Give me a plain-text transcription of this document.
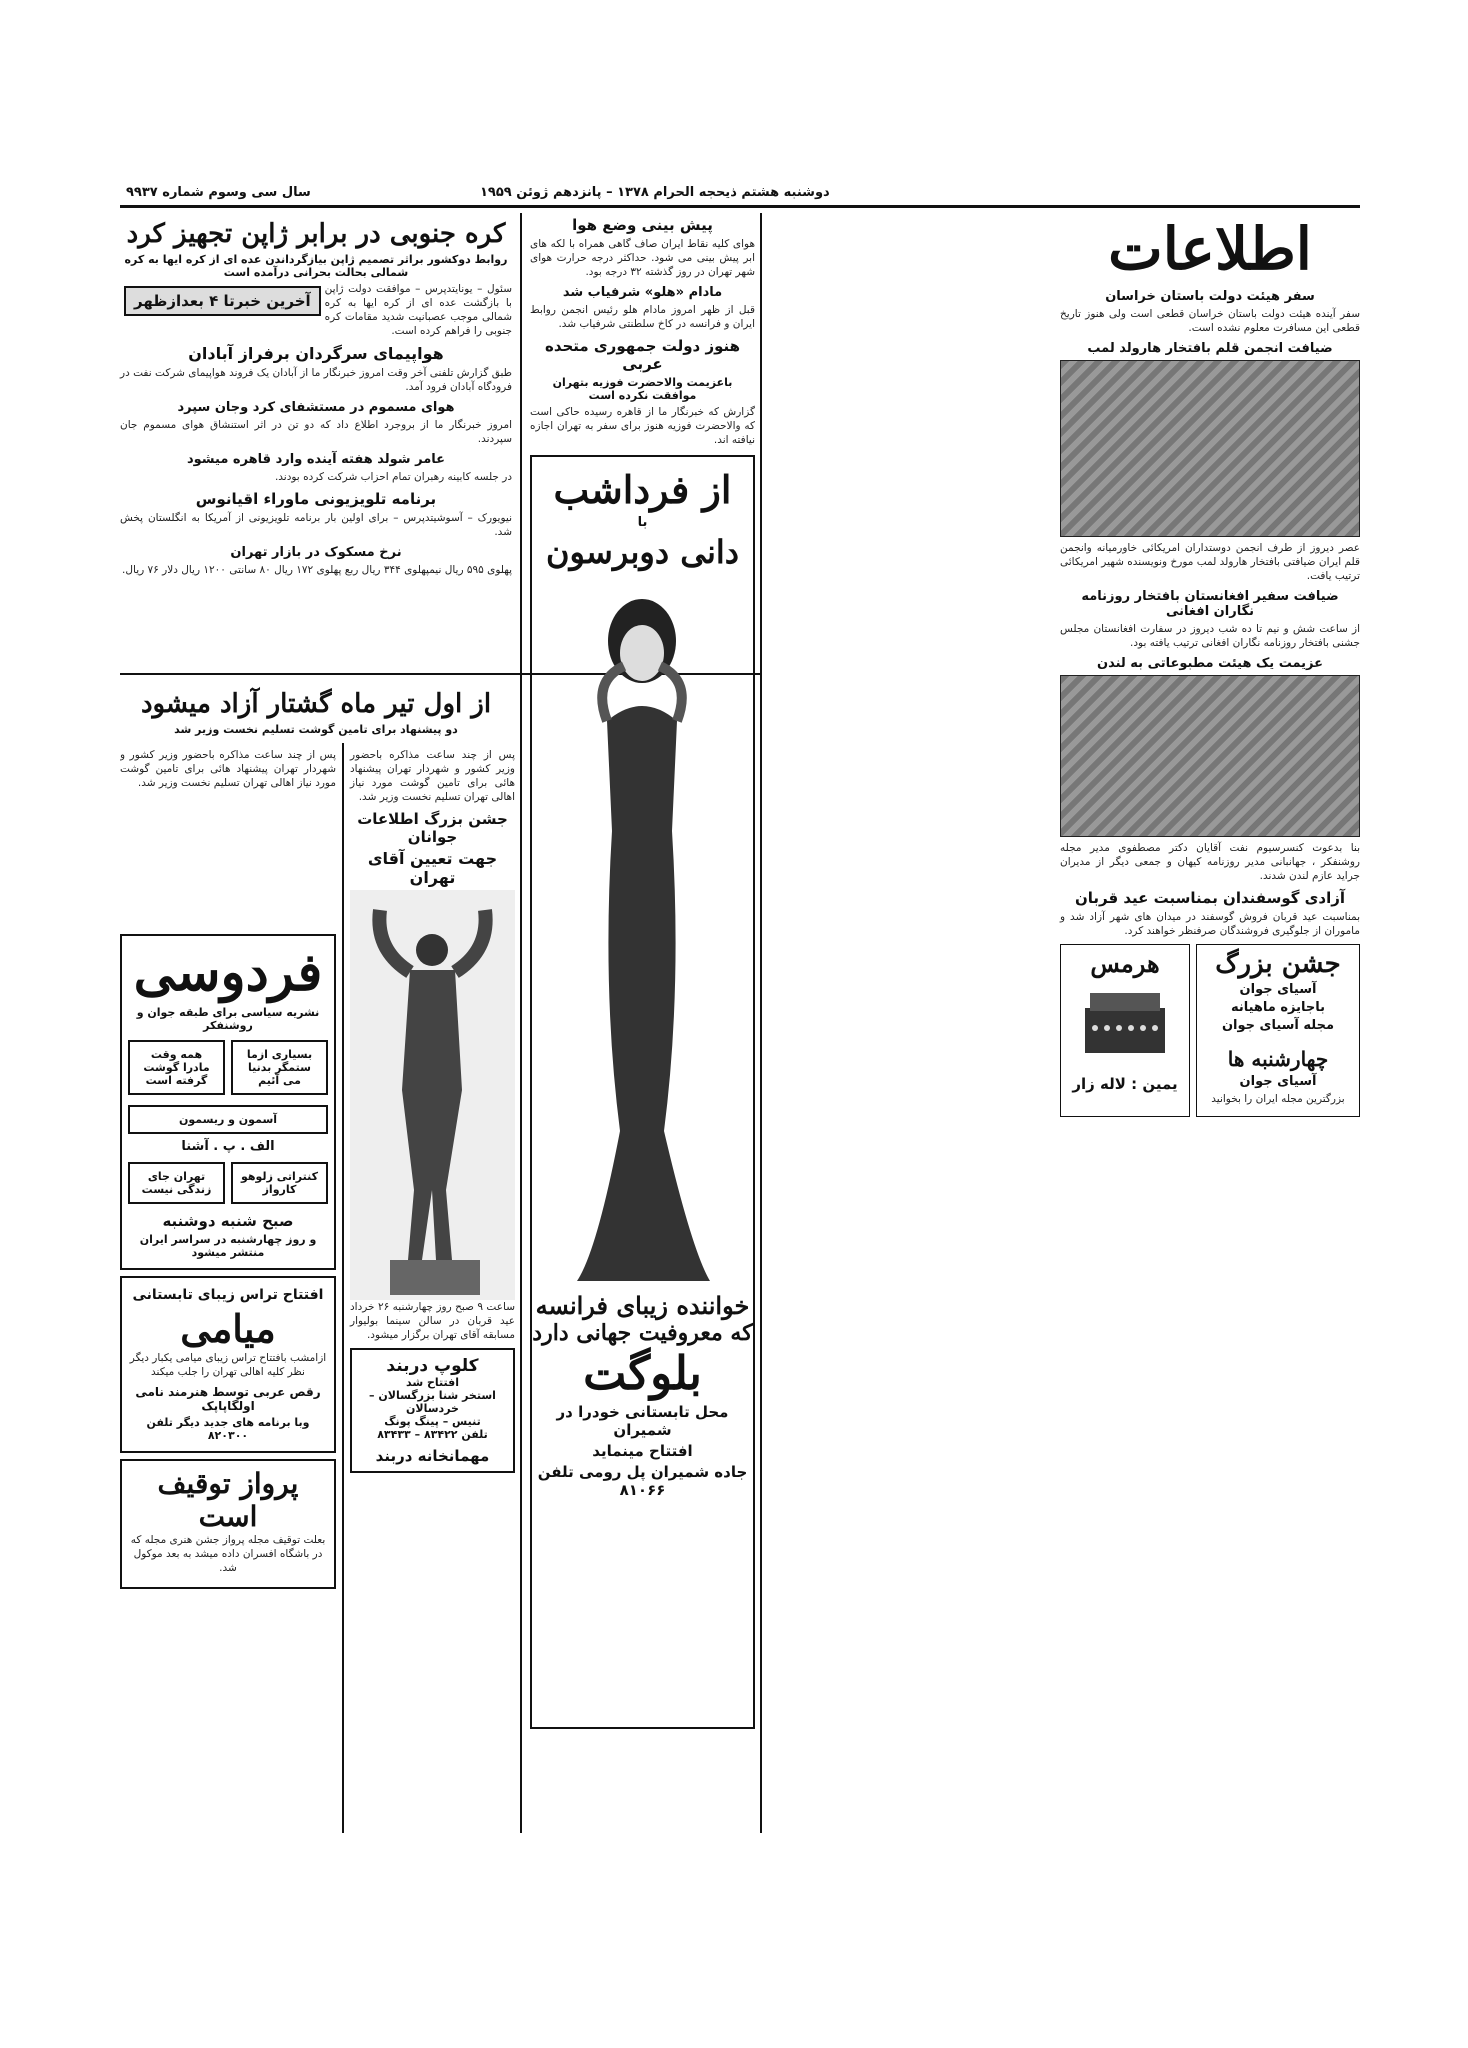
دوشنبه هشتم ذیحجه الحرام ۱۳۷۸ – پانزدهم ژوئن ۱۹۵۹
سال سی وسوم شماره ۹۹۳۷
اطلاعات
سفر هیئت دولت باستان خراسان

سفر آینده هیئت دولت باستان خراسان قطعی است ولی هنوز تاریخ قطعی این مسافرت معلوم نشده است.

ضیافت انجمن قلم بافتخار هارولد لمب

عصر دیروز از طرف انجمن دوستداران امریکائی خاورمیانه وانجمن قلم ایران ضیافتی بافتخار هارولد لمب مورخ ونویسنده شهیر امریکائی ترتیب یافت.

ضیافت سفیر افغانستان بافتخار روزنامه نگاران افغانی

از ساعت شش و نیم تا ده شب دیروز در سفارت افغانستان مجلس جشنی بافتخار روزنامه نگاران افغانی ترتیب یافته بود.

عزیمت یک هیئت مطبوعاتی به لندن

بنا بدعوت کنسرسیوم نفت آقایان دکتر مصطفوی مدیر مجله روشنفکر ، جهانبانی مدیر روزنامه کیهان و جمعی دیگر از مدیران جراید عازم لندن شدند.

آزادی گوسفندان بمناسبت عید قربان

بمناسبت عید قربان فروش گوسفند در میدان های شهر آزاد شد و ماموران از جلوگیری فروشندگان صرفنظر خواهند کرد.

جشن بزرگ
آسیای جوان
باجایزه ماهیانه
مجله آسیای جوان
چهارشنبه ها
آسیای جوان
بزرگترین مجله ایران را بخوانید
هرمس
یمین : لاله زار
پیش بینی وضع هوا

هوای کلیه نقاط ایران صاف گاهی همراه با لکه های ابر پیش بینی می شود. حداکثر درجه حرارت هوای شهر تهران در روز گذشته ۳۲ درجه بود.

مادام «هلو» شرفیاب شد

قبل از ظهر امروز مادام هلو رئیس انجمن روابط ایران و فرانسه در کاخ سلطنتی شرفیاب شد.

هنوز دولت جمهوری متحده عربی
باعزیمت والاحضرت فوزیه بتهران موافقت نکرده است

گزارش که خبرنگار ما از قاهره رسیده حاکی است که والاحضرت فوزیه هنوز برای سفر به تهران اجازه نیافته اند.

از فرداشب
با
دانی دوبرسون
خواننده زیبای فرانسه
که معروفیت جهانی دارد
بلوگت
محل تابستانی خودرا در شمیران
افتتاح مینماید
جاده شمیران پل رومی تلفن ۸۱۰۶۶
کره جنوبی در برابر ژاپن تجهیز کرد
روابط دوکشور براثر تصمیم ژاپن بیازگرداندن عده ای از کره ایها به کره شمالی بحالت بحرانی درآمده است
آخرین خبرتا ۴ بعدازظهر

سئول – یونایتدپرس – موافقت دولت ژاپن با بازگشت عده ای از کره ایها به کره شمالی موجب عصبانیت شدید مقامات کره جنوبی را فراهم کرده است.

هواپیمای سرگردان برفراز آبادان

طبق گزارش تلفنی آخر وقت امروز خبرنگار ما از آبادان یک فروند هواپیمای شرکت نفت در فرودگاه آبادان فرود آمد.

هوای مسموم در مستشفای کرد وجان سپرد

امروز خبرنگار ما از بروجرد اطلاع داد که دو تن در اثر استنشاق هوای مسموم جان سپردند.

عامر شولد هفته آینده وارد قاهره میشود

در جلسه کابینه رهبران تمام احزاب شرکت کرده بودند.

برنامه تلویزیونی ماوراء اقیانوس

نیویورک – آسوشیتدپرس – برای اولین بار برنامه تلویزیونی از آمریکا به انگلستان پخش شد.

نرخ مسکوک در بازار تهران

پهلوی ۵۹۵ ریال نیمپهلوی ۳۴۴ ریال ربع پهلوی ۱۷۲ ریال ۸۰ سانتی ۱۲۰۰ ریال دلار ۷۶ ریال.

از اول تیر ماه گشتار آزاد میشود
دو پیشنهاد برای تامین گوشت تسلیم نخست وزیر شد

پس از چند ساعت مذاکره باحضور وزیر کشور و شهردار تهران پیشنهاد هائی برای تامین گوشت مورد نیاز اهالی تهران تسلیم نخست وزیر شد.

جشن بزرگ اطلاعات جوانان
جهت تعیین آقای تهران

ساعت ۹ صبح روز چهارشنبه ۲۶ خرداد عید قربان در سالن سینما بولیوار مسابقه آقای تهران برگزار میشود.

کلوپ دربند
افتتاح شد
استخر شنا بزرگسالان – خردسالان
تنیس – پینگ پونگ
تلفن ۸۳۴۲۲ – ۸۳۴۳۳
مهمانخانه دربند

پس از چند ساعت مذاکره باحضور وزیر کشور و شهردار تهران پیشنهاد هائی برای تامین گوشت مورد نیاز اهالی تهران تسلیم نخست وزیر شد.

فردوسی
نشریه سیاسی برای طبقه جوان و روشنفکر
بسیاری ازما ستمگر بدنیا می آئیم
همه وقت مادرا گوشت گرفته است
آسمون و ریسمون
الف . پ . آشنا
کنتراتی زلوهو کارواز
تهران جای زندگی نیست
صبح شنبه دوشنبه
و روز چهارشنبه در سراسر ایران منتشر میشود
افتتاح تراس زیبای تابستانی
میامی
ازامشب بافتتاح تراس زیبای میامی یکبار دیگر نظر کلیه اهالی تهران را جلب میکند
رقص عربی توسط هنرمند نامی اولگاپاپک
وبا برنامه های جدید دیگر تلفن ۸۲۰۳۰۰
پرواز توقیف است
بعلت توقیف مجله پرواز جشن هنری مجله که در باشگاه افسران داده میشد به بعد موکول شد.
